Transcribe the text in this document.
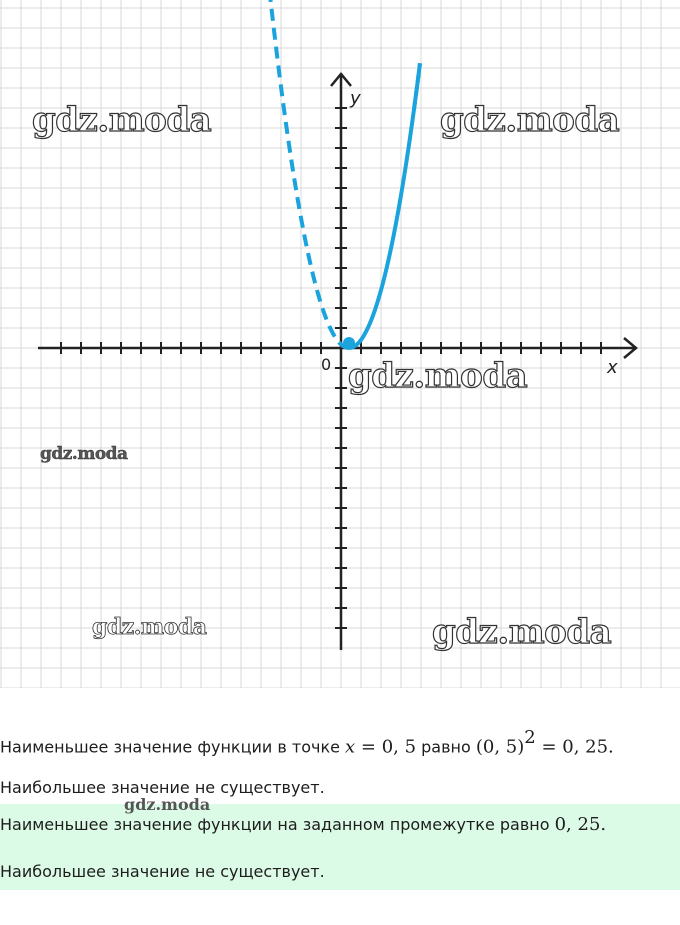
y
x
0
gdz.moda	gdz.moda
gdz.moda
gdz.moda
gdz.moda	gdz.moda
Наименьшее значение функции в точке x = 0, 5 равно (0, 5)$^2$ = 0, 25.
Наибольшее значение не существует.
Наименьшее значение функции на заданном промежутке равно 0, 25.
Наибольшее значение не существует.
gdz.moda
